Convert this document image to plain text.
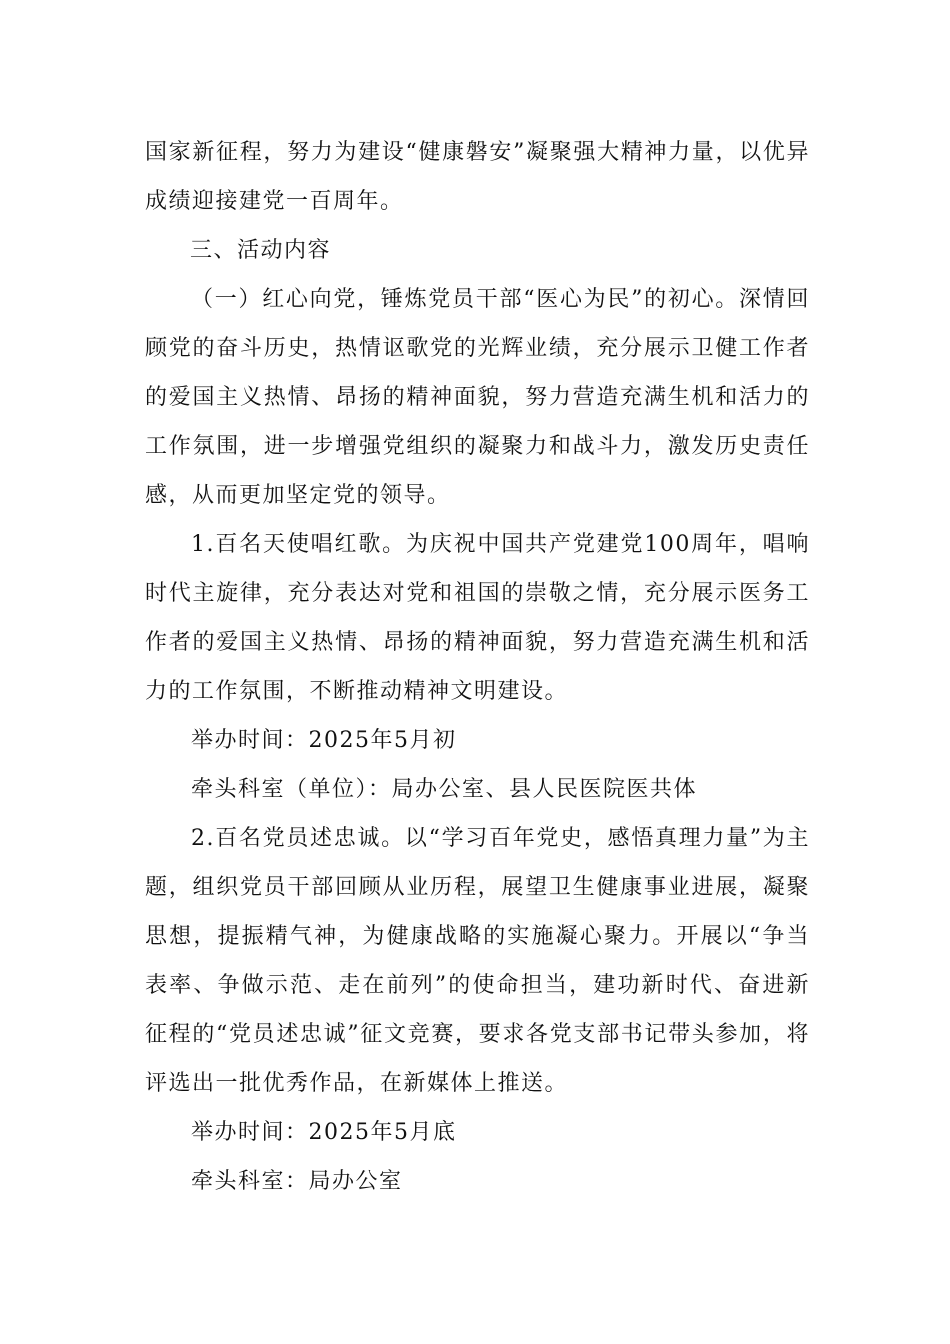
国家新征程，努力为建设“健康磐安”凝聚强大精神力量，以优异成绩迎接建党一百周年。

三、活动内容

（一）红心向党，锤炼党员干部“医心为民”的初心。深情回顾党的奋斗历史，热情讴歌党的光辉业绩，充分展示卫健工作者的爱国主义热情、昂扬的精神面貌，努力营造充满生机和活力的工作氛围，进一步增强党组织的凝聚力和战斗力，激发历史责任感，从而更加坚定党的领导。

1.百名天使唱红歌。为庆祝中国共产党建党100周年，唱响时代主旋律，充分表达对党和祖国的崇敬之情，充分展示医务工作者的爱国主义热情、昂扬的精神面貌，努力营造充满生机和活力的工作氛围，不断推动精神文明建设。

举办时间：2025年5月初

牵头科室（单位）：局办公室、县人民医院医共体

2.百名党员述忠诚。以“学习百年党史，感悟真理力量”为主题，组织党员干部回顾从业历程，展望卫生健康事业进展，凝聚思想，提振精气神，为健康战略的实施凝心聚力。开展以“争当表率、争做示范、走在前列”的使命担当，建功新时代、奋进新征程的“党员述忠诚”征文竞赛，要求各党支部书记带头参加，将评选出一批优秀作品，在新媒体上推送。

举办时间：2025年5月底

牵头科室：局办公室
